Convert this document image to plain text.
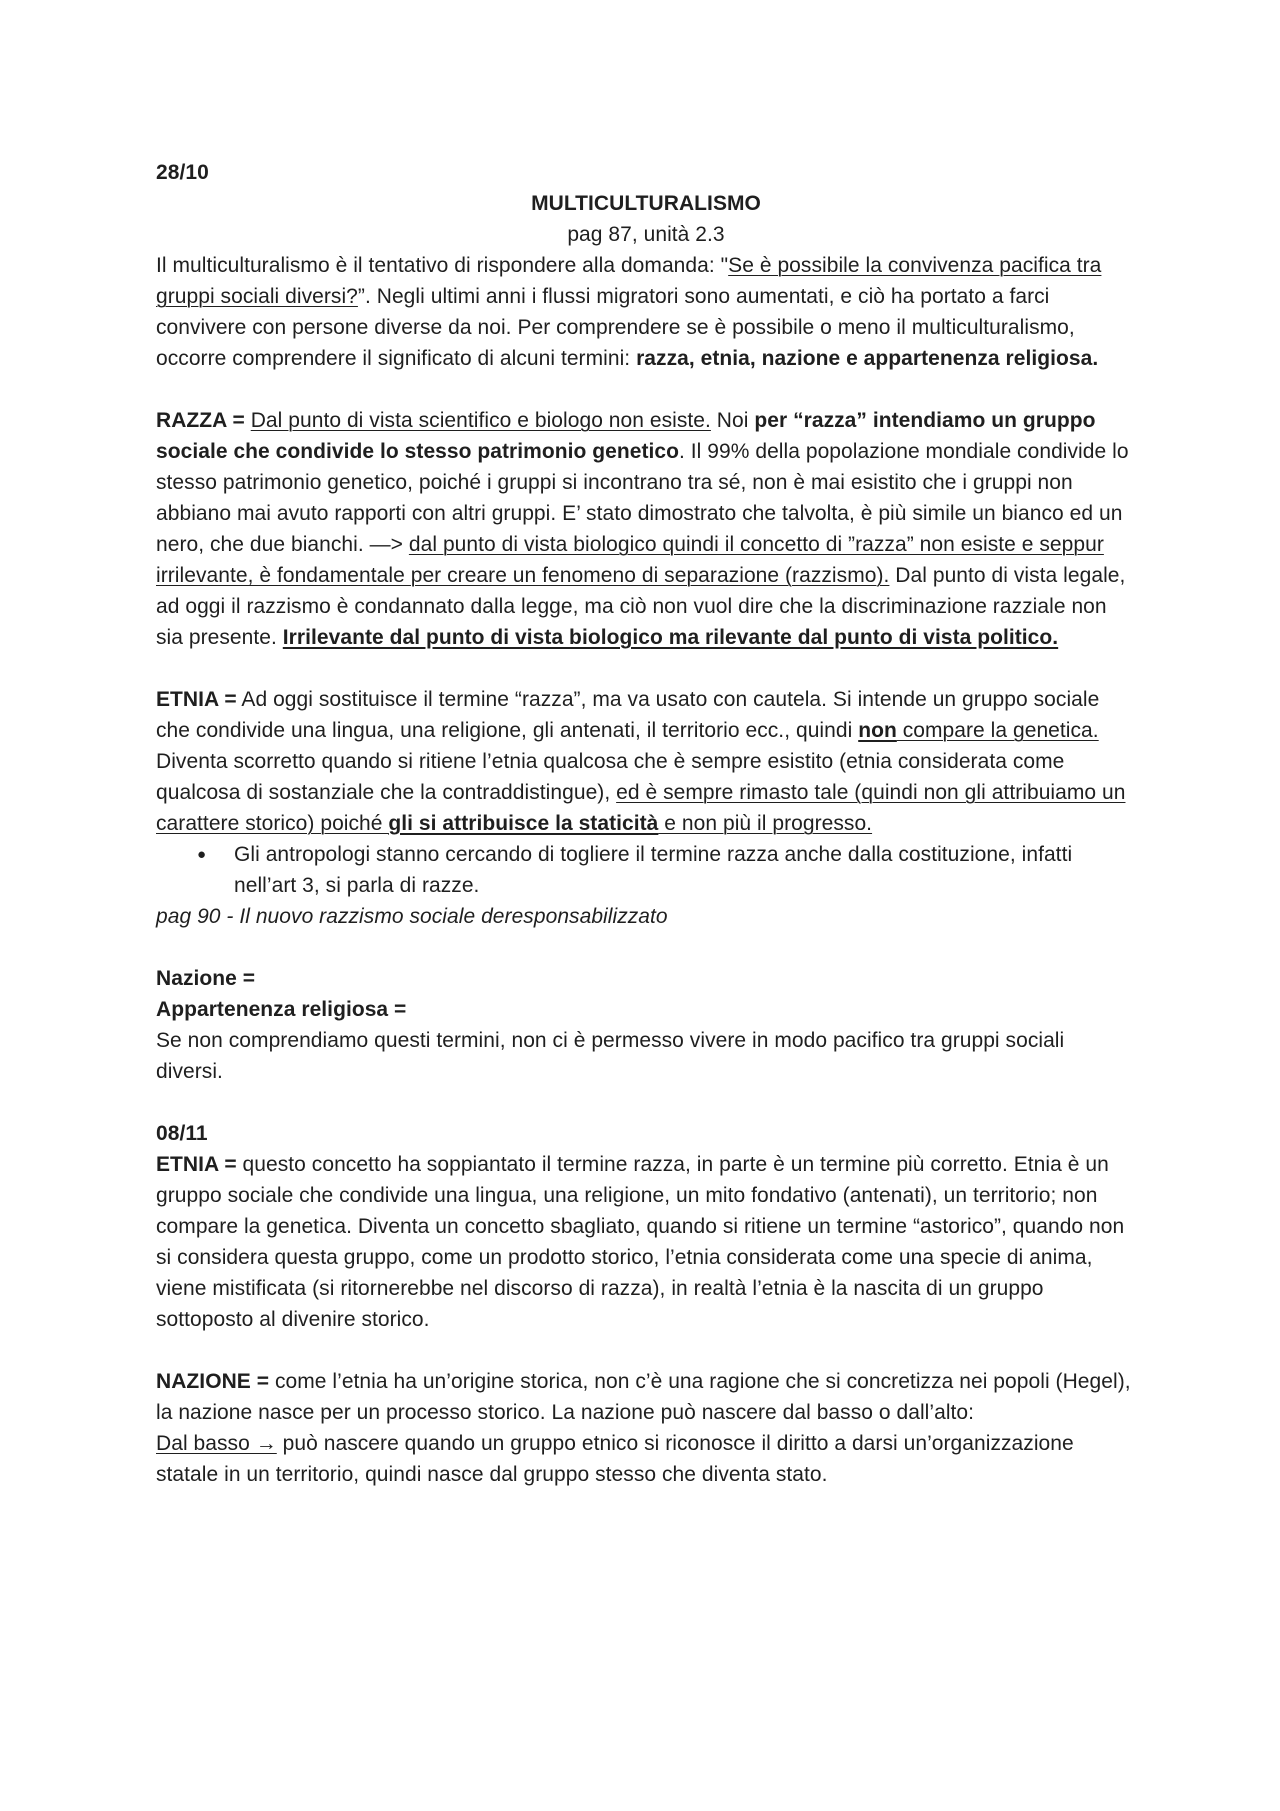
28/10

MULTICULTURALISMO

pag 87, unità 2.3

Il multiculturalismo è il tentativo di rispondere alla domanda: "Se è possibile la convivenza pacifica tra gruppi sociali diversi?”. Negli ultimi anni i flussi migratori sono aumentati, e ciò ha portato a farci convivere con persone diverse da noi. Per comprendere se è possibile o meno il multiculturalismo, occorre comprendere il significato di alcuni termini: razza, etnia, nazione e appartenenza religiosa.

RAZZA = Dal punto di vista scientifico e biologo non esiste. Noi per “razza” intendiamo un gruppo sociale che condivide lo stesso patrimonio genetico. Il 99% della popolazione mondiale condivide lo stesso patrimonio genetico, poiché i gruppi si incontrano tra sé, non è mai esistito che i gruppi non abbiano mai avuto rapporti con altri gruppi. E’ stato dimostrato che talvolta, è più simile un bianco ed un nero, che due bianchi. —> dal punto di vista biologico quindi il concetto di ”razza” non esiste e seppur irrilevante, è fondamentale per creare un fenomeno di separazione (razzismo). Dal punto di vista legale, ad oggi il razzismo è condannato dalla legge, ma ciò non vuol dire che la discriminazione razziale non sia presente. Irrilevante dal punto di vista biologico ma rilevante dal punto di vista politico.

ETNIA = Ad oggi sostituisce il termine “razza”, ma va usato con cautela. Si intende un gruppo sociale che condivide una lingua, una religione, gli antenati, il territorio ecc., quindi non compare la genetica. Diventa scorretto quando si ritiene l’etnia qualcosa che è sempre esistito (etnia considerata come qualcosa di sostanziale che la contraddistingue), ed è sempre rimasto tale (quindi non gli attribuiamo un carattere storico) poiché gli si attribuisce la staticità e non più il progresso.

● Gli antropologi stanno cercando di togliere il termine razza anche dalla costituzione, infatti nell’art 3, si parla di razze.

pag 90 - Il nuovo razzismo sociale deresponsabilizzato

Nazione =

Appartenenza religiosa =

Se non comprendiamo questi termini, non ci è permesso vivere in modo pacifico tra gruppi sociali diversi.

08/11

ETNIA = questo concetto ha soppiantato il termine razza, in parte è un termine più corretto. Etnia è un gruppo sociale che condivide una lingua, una religione, un mito fondativo (antenati), un territorio; non compare la genetica. Diventa un concetto sbagliato, quando si ritiene un termine “astorico”, quando non si considera questa gruppo, come un prodotto storico, l’etnia considerata come una specie di anima, viene mistificata (si ritornerebbe nel discorso di razza), in realtà l’etnia è la nascita di un gruppo sottoposto al divenire storico.

NAZIONE = come l’etnia ha un’origine storica, non c’è una ragione che si concretizza nei popoli (Hegel), la nazione nasce per un processo storico. La nazione può nascere dal basso o dall’alto:

Dal basso → può nascere quando un gruppo etnico si riconosce il diritto a darsi un’organizzazione statale in un territorio, quindi nasce dal gruppo stesso che diventa stato.
